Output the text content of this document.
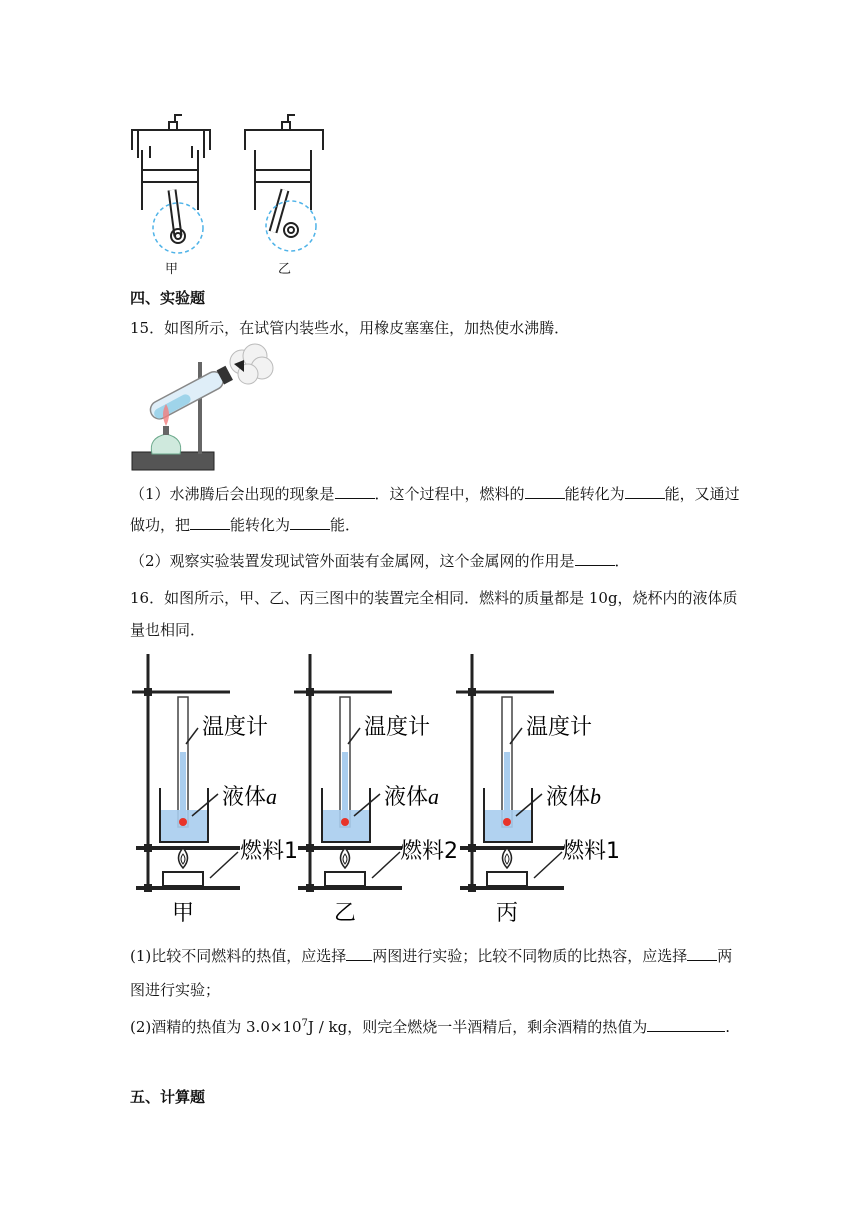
甲	乙
四、实验题
15．如图所示，在试管内装些水，用橡皮塞塞住，加热使水沸腾．
（1）水沸腾后会出现的现象是	．这个过程中，燃料的	能转化为	能，又通过
做功，把	能转化为	能．
（2）观察实验装置发现试管外面装有金属网，这个金属网的作用是	．
16．如图所示，甲、乙、丙三图中的装置完全相同．燃料的质量都是 10g，烧杯内的液体质
量也相同．
温度计
液体a
燃料1
甲
温度计
液体a
燃料2
乙
温度计
液体b
燃料1
丙
(1)比较不同燃料的热值，应选择 两图进行实验；比较不同物质的比热容，应选择 两
图进行实验；
(2)酒精的热值为 $3.0\times 10^7J$ / kg，则完全燃烧一半酒精后，剩余酒精的热值为	.
五、计算题
